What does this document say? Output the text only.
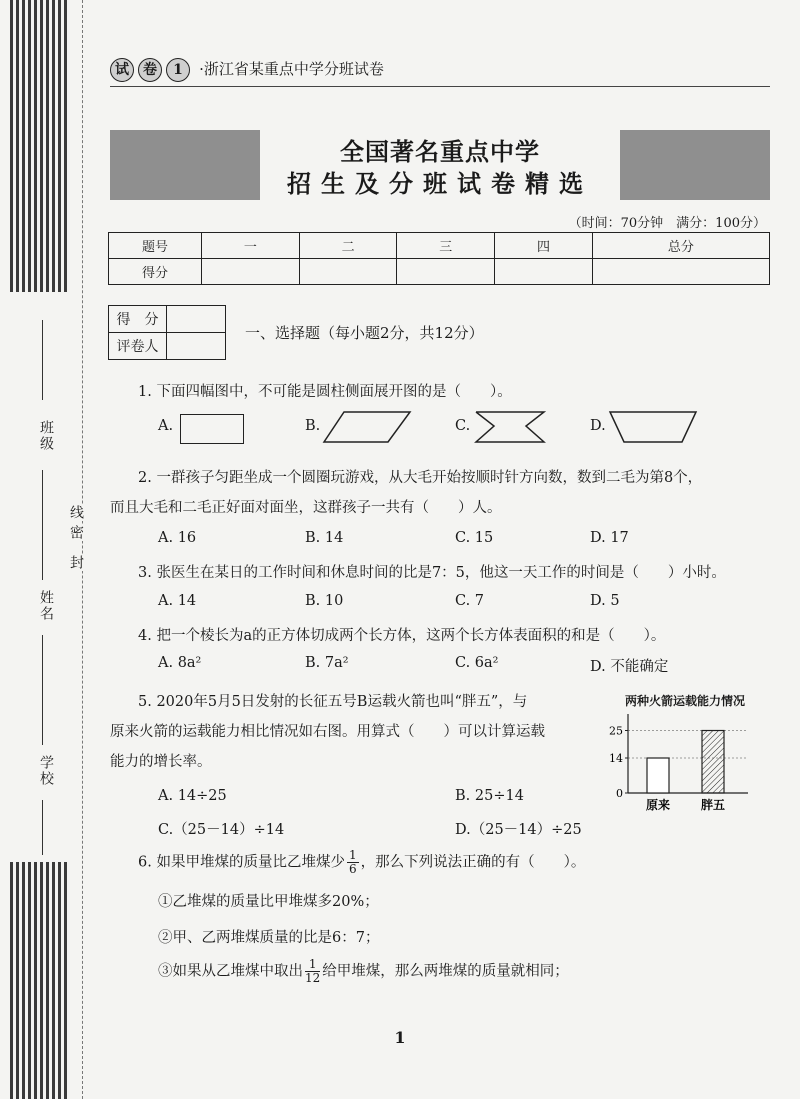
班级
姓名
学校
密
封
线
试 卷 1 ·浙江省某重点中学分班试卷
全国著名重点中学
招生及分班试卷精选
（时间：70分钟　满分：100分）
题号	一	二	三	四	总分
得分					
得　分	
评卷人	
一、选择题（每小题2分，共12分）
1. 下面四幅图中，不可能是圆柱侧面展开图的是（　　）。
A.	B.	C.	D.
2. 一群孩子匀距坐成一个圆圈玩游戏，从大毛开始按顺时针方向数，数到二毛为第8个，
而且大毛和二毛正好面对面坐，这群孩子一共有（　　）人。
A. 16	B. 14	C. 15	D. 17
3. 张医生在某日的工作时间和休息时间的比是7：5，他这一天工作的时间是（　　）小时。
A. 14	B. 10	C. 7	D. 5
4. 把一个棱长为a的正方体切成两个长方体，这两个长方体表面积的和是（　　）。
A. 8a²	B. 7a²	C. 6a²	D. 不能确定
5. 2020年5月5日发射的长征五号B运载火箭也叫“胖五”，与
原来火箭的运载能力相比情况如右图。用算式（　　）可以计算运载
能力的增长率。
A. 14÷25	B. 25÷14
C.（25－14）÷14	D.（25－14）÷25
两种火箭运载能力情况
0
14
25
原来	胖五
6. 如果甲堆煤的质量比乙堆煤少 $\frac{1}{6}$ ，那么下列说法正确的有（　　）。
①乙堆煤的质量比甲堆煤多20%；
②甲、乙两堆煤质量的比是6：7；
③如果从乙堆煤中取出 $\frac{1}{12}$ 给甲堆煤，那么两堆煤的质量就相同；
1
